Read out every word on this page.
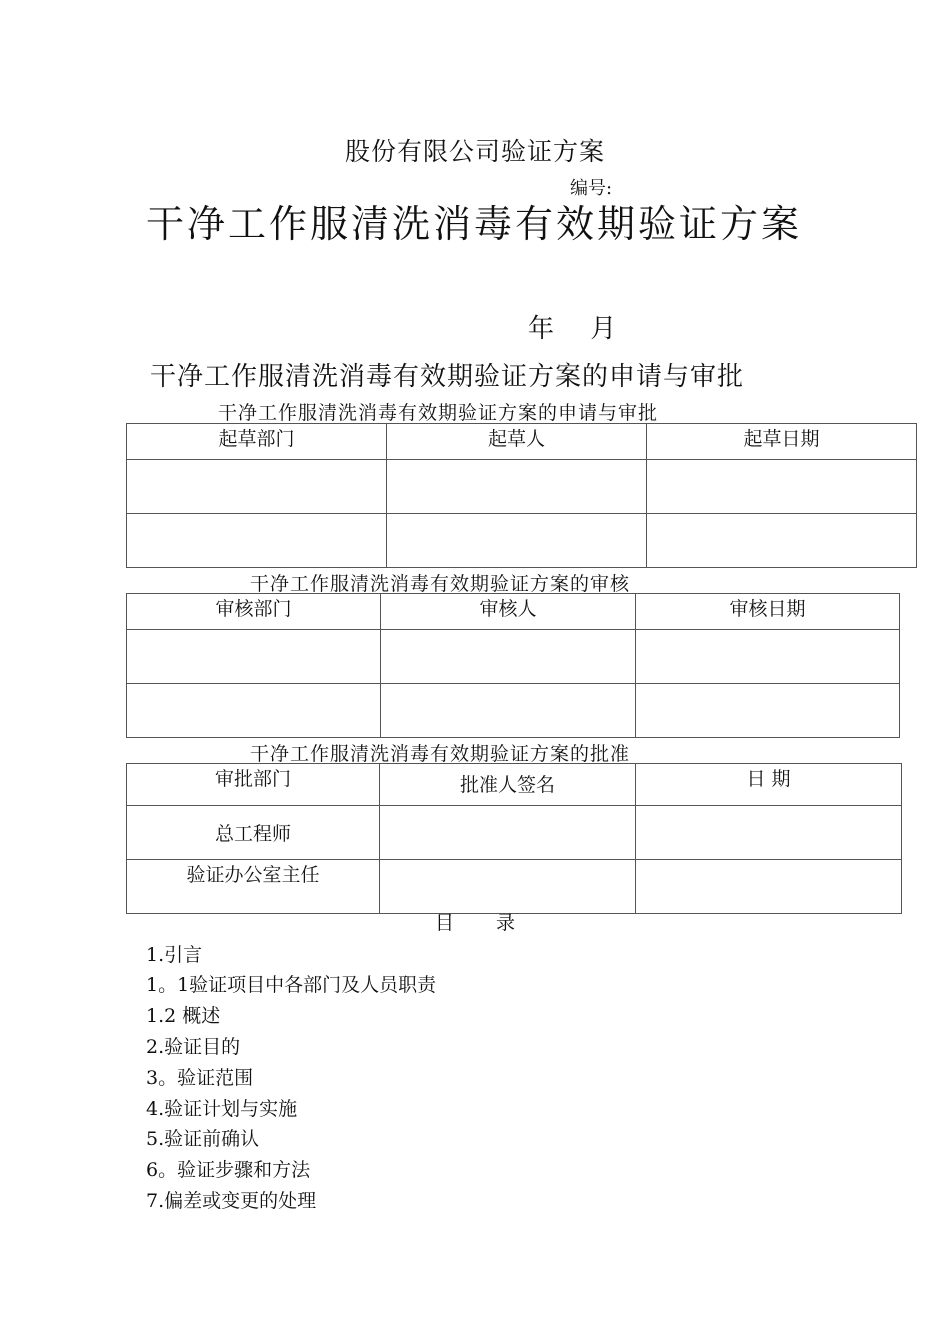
股份有限公司验证方案
编号:
干净工作服清洗消毒有效期验证方案
年 月
干净工作服清洗消毒有效期验证方案的申请与审批
干净工作服清洗消毒有效期验证方案的申请与审批
起草部门	起草人	起草日期

干净工作服清洗消毒有效期验证方案的审核
审核部门	审核人	审核日期

干净工作服清洗消毒有效期验证方案的批准
审批部门	批准人签名	日 期
总工程师		
验证办公室主任		
目 录
1.引言
1。1验证项目中各部门及人员职责
1.2 概述
2.验证目的
3。验证范围
4.验证计划与实施
5.验证前确认
6。验证步骤和方法
7.偏差或变更的处理
